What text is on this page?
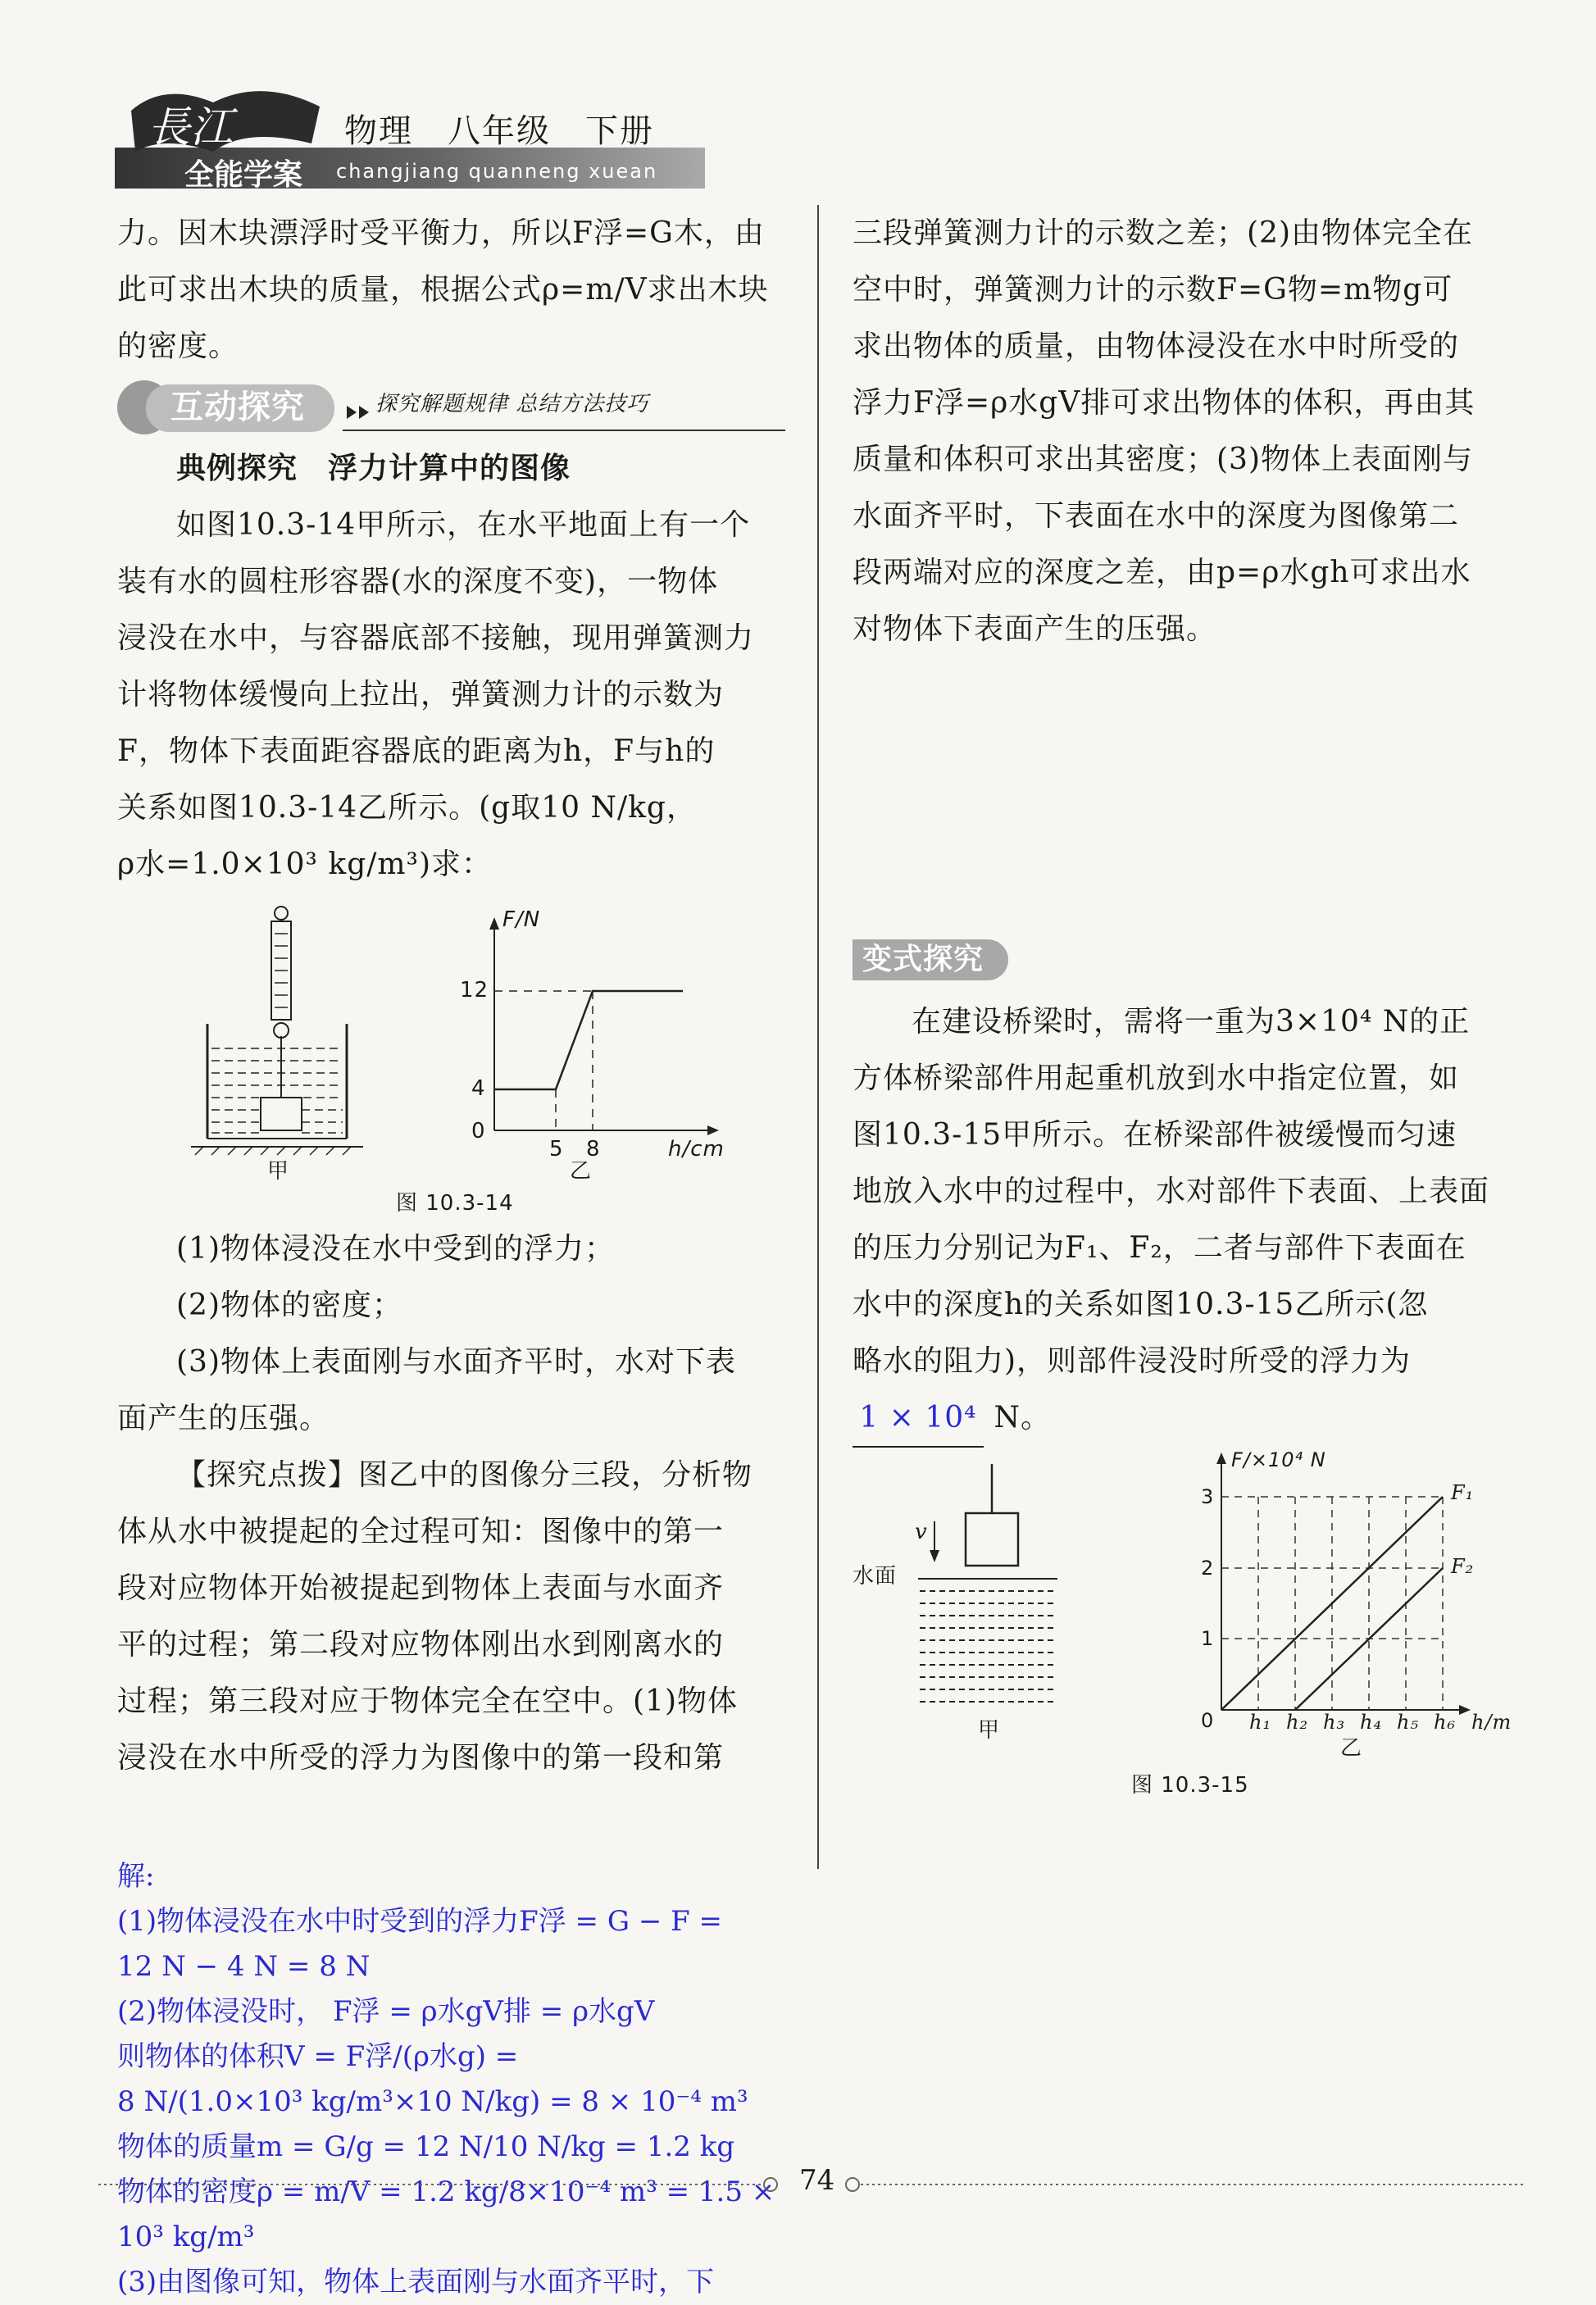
長江
全能学案
物理　八年级　下册
changjiang quanneng xuean

力。因木块漂浮时受平衡力，所以F浮=G木，由

此可求出木块的质量，根据公式ρ=m/V求出木块

的密度。

互动探究	探究解题规律 总结方法技巧

典例探究　浮力计算中的图像

如图10.3-14甲所示，在水平地面上有一个

装有水的圆柱形容器(水的深度不变)，一物体

浸没在水中，与容器底部不接触，现用弹簧测力

计将物体缓慢向上拉出，弹簧测力计的示数为

F，物体下表面距容器底的距离为h，F与h的

关系如图10.3-14乙所示。(g取10 N/kg，

ρ水=1.0×10³ kg/m³)求：

甲	乙
F/N
h/cm
12
4
0
5 8
图 10.3-14

(1)物体浸没在水中受到的浮力；

(2)物体的密度；

(3)物体上表面刚与水面齐平时，水对下表

面产生的压强。

【探究点拨】图乙中的图像分三段，分析物

体从水中被提起的全过程可知：图像中的第一

段对应物体开始被提起到物体上表面与水面齐

平的过程；第二段对应物体刚出水到刚离水的

过程；第三段对应于物体完全在空中。(1)物体

浸没在水中所受的浮力为图像中的第一段和第

解:
(1)物体浸没在水中时受到的浮力F浮 = G − F =
12 N − 4 N = 8 N
(2)物体浸没时， F浮 = ρ水gV排 = ρ水gV
则物体的体积V = F浮/(ρ水g) =
8 N/(1.0×10³ kg/m³×10 N/kg) = 8 × 10⁻⁴ m³
物体的质量m = G/g = 12 N/10 N/kg = 1.2 kg
物体的密度ρ = m/V = 1.2 kg/8×10⁻⁴ m³ = 1.5 ×
10³ kg/m³
(3)由图像可知，物体上表面刚与水面齐平时，下

三段弹簧测力计的示数之差；(2)由物体完全在

空中时，弹簧测力计的示数F=G物=m物g可

求出物体的质量，由物体浸没在水中时所受的

浮力F浮=ρ水gV排可求出物体的体积，再由其

质量和体积可求出其密度；(3)物体上表面刚与

水面齐平时，下表面在水中的深度为图像第二

段两端对应的深度之差，由p=ρ水gh可求出水

对物体下表面产生的压强。

变式探究

在建设桥梁时，需将一重为3×10⁴ N的正

方体桥梁部件用起重机放到水中指定位置，如

图10.3-15甲所示。在桥梁部件被缓慢而匀速

地放入水中的过程中，水对部件下表面、上表面

的压力分别记为F₁、F₂，二者与部件下表面在

水中的深度h的关系如图10.3-15乙所示(忽

略水的阻力)，则部件浸没时所受的浮力为

1 × 10⁴ N。

v
水面
甲
F/×10⁴ N
3
2
1
0 h₁ h₂ h₃ h₄ h₅ h₆ h/m
F₁
F₂
乙
图 10.3-15
74
